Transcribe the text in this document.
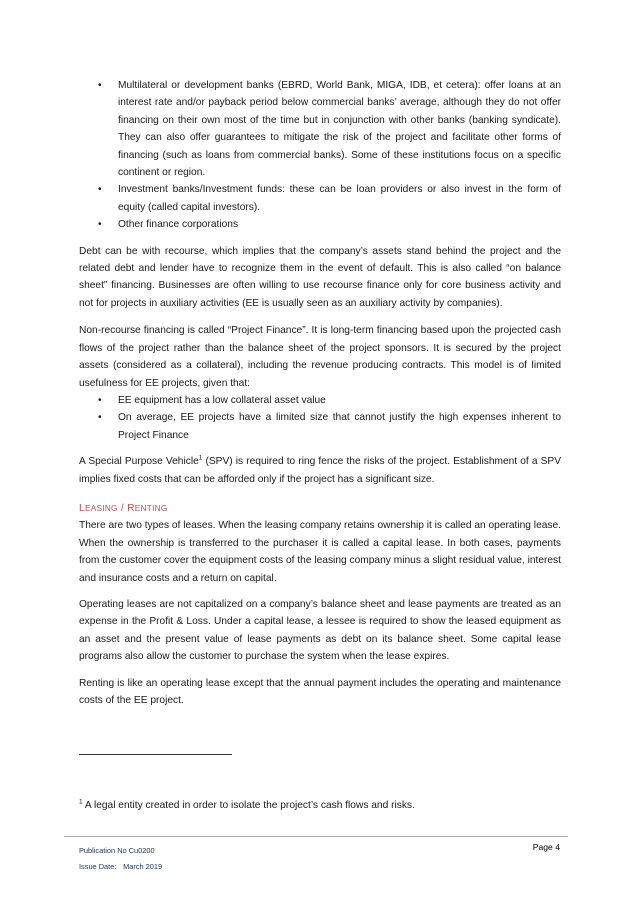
• Multilateral or development banks (EBRD, World Bank, MIGA, IDB, et cetera): offer loans at an interest rate and/or payback period below commercial banks’ average, although they do not offer financing on their own most of the time but in conjunction with other banks (banking syndicate). They can also offer guarantees to mitigate the risk of the project and facilitate other forms of financing (such as loans from commercial banks). Some of these institutions focus on a specific continent or region.
• Investment banks/Investment funds: these can be loan providers or also invest in the form of equity (called capital investors).
• Other finance corporations

Debt can be with recourse, which implies that the company’s assets stand behind the project and the related debt and lender have to recognize them in the event of default. This is also called “on balance sheet” financing. Businesses are often willing to use recourse finance only for core business activity and not for projects in auxiliary activities (EE is usually seen as an auxiliary activity by companies).

Non-recourse financing is called “Project Finance”. It is long-term financing based upon the projected cash flows of the project rather than the balance sheet of the project sponsors. It is secured by the project assets (considered as a collateral), including the revenue producing contracts. This model is of limited usefulness for EE projects, given that:

• EE equipment has a low collateral asset value
• On average, EE projects have a limited size that cannot justify the high expenses inherent to Project Finance

A Special Purpose Vehicle$^1$ (SPV) is required to ring fence the risks of the project. Establishment of a SPV implies fixed costs that can be afforded only if the project has a significant size.

LEASING / RENTING

There are two types of leases. When the leasing company retains ownership it is called an operating lease. When the ownership is transferred to the purchaser it is called a capital lease. In both cases, payments from the customer cover the equipment costs of the leasing company minus a slight residual value, interest and insurance costs and a return on capital.

Operating leases are not capitalized on a company’s balance sheet and lease payments are treated as an expense in the Profit & Loss. Under a capital lease, a lessee is required to show the leased equipment as an asset and the present value of lease payments as debt on its balance sheet. Some capital lease programs also allow the customer to purchase the system when the lease expires.

Renting is like an operating lease except that the annual payment includes the operating and maintenance costs of the EE project.

$^1$ A legal entity created in order to isolate the project’s cash flows and risks.
Publication No Cu0200
Issue Date: March 2019
Page 4
